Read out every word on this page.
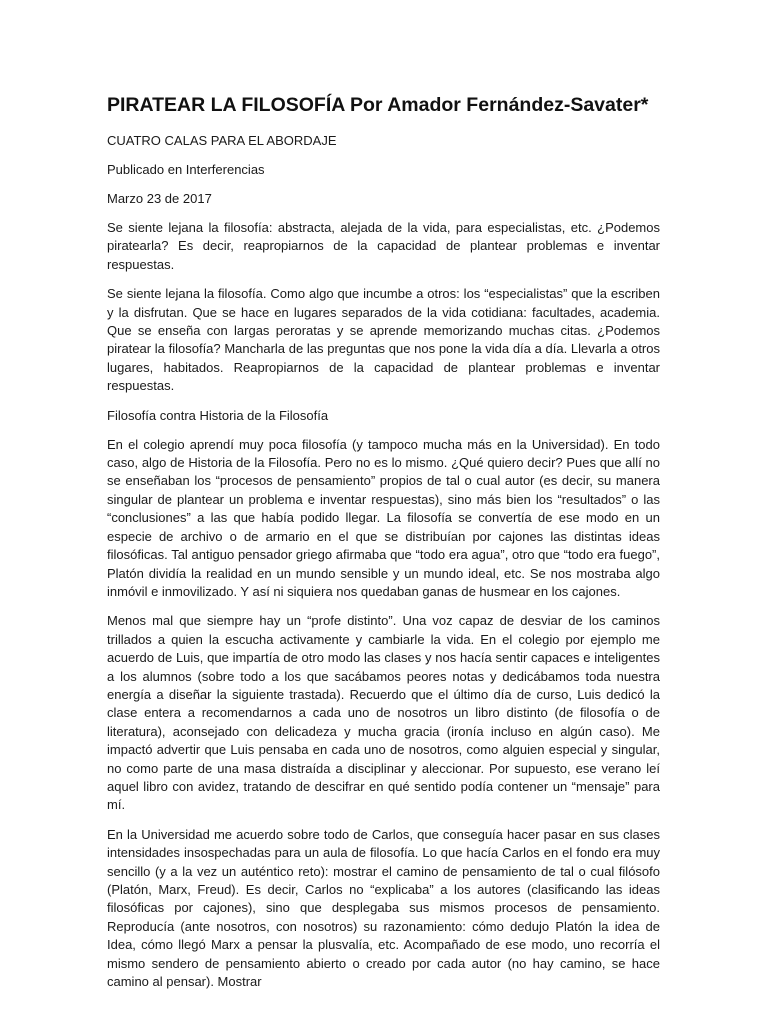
PIRATEAR LA FILOSOFÍA Por Amador Fernández-Savater*

CUATRO CALAS PARA EL ABORDAJE

Publicado en Interferencias

Marzo 23 de 2017

Se siente lejana la filosofía: abstracta, alejada de la vida, para especialistas, etc. ¿Podemos piratearla? Es decir, reapropiarnos de la capacidad de plantear problemas e inventar respuestas.

Se siente lejana la filosofía. Como algo que incumbe a otros: los “especialistas” que la escriben y la disfrutan. Que se hace en lugares separados de la vida cotidiana: facultades, academia. Que se enseña con largas peroratas y se aprende memorizando muchas citas. ¿Podemos piratear la filosofía? Mancharla de las preguntas que nos pone la vida día a día. Llevarla a otros lugares, habitados. Reapropiarnos de la capacidad de plantear problemas e inventar respuestas.

Filosofía contra Historia de la Filosofía

En el colegio aprendí muy poca filosofía (y tampoco mucha más en la Universidad). En todo caso, algo de Historia de la Filosofía. Pero no es lo mismo. ¿Qué quiero decir? Pues que allí no se enseñaban los “procesos de pensamiento” propios de tal o cual autor (es decir, su manera singular de plantear un problema e inventar respuestas), sino más bien los “resultados” o las “conclusiones” a las que había podido llegar. La filosofía se convertía de ese modo en un especie de archivo o de armario en el que se distribuían por cajones las distintas ideas filosóficas. Tal antiguo pensador griego afirmaba que “todo era agua”, otro que “todo era fuego”, Platón dividía la realidad en un mundo sensible y un mundo ideal, etc. Se nos mostraba algo inmóvil e inmovilizado. Y así ni siquiera nos quedaban ganas de husmear en los cajones.

Menos mal que siempre hay un “profe distinto”. Una voz capaz de desviar de los caminos trillados a quien la escucha activamente y cambiarle la vida. En el colegio por ejemplo me acuerdo de Luis, que impartía de otro modo las clases y nos hacía sentir capaces e inteligentes a los alumnos (sobre todo a los que sacábamos peores notas y dedicábamos toda nuestra energía a diseñar la siguiente trastada). Recuerdo que el último día de curso, Luis dedicó la clase entera a recomendarnos a cada uno de nosotros un libro distinto (de filosofía o de literatura), aconsejado con delicadeza y mucha gracia (ironía incluso en algún caso). Me impactó advertir que Luis pensaba en cada uno de nosotros, como alguien especial y singular, no como parte de una masa distraída a disciplinar y aleccionar. Por supuesto, ese verano leí aquel libro con avidez, tratando de descifrar en qué sentido podía contener un “mensaje” para mí.

En la Universidad me acuerdo sobre todo de Carlos, que conseguía hacer pasar en sus clases intensidades insospechadas para un aula de filosofía. Lo que hacía Carlos en el fondo era muy sencillo (y a la vez un auténtico reto): mostrar el camino de pensamiento de tal o cual filósofo (Platón, Marx, Freud). Es decir, Carlos no “explicaba” a los autores (clasificando las ideas filosóficas por cajones), sino que desplegaba sus mismos procesos de pensamiento. Reproducía (ante nosotros, con nosotros) su razonamiento: cómo dedujo Platón la idea de Idea, cómo llegó Marx a pensar la plusvalía, etc. Acompañado de ese modo, uno recorría el mismo sendero de pensamiento abierto o creado por cada autor (no hay camino, se hace camino al pensar). Mostrar
